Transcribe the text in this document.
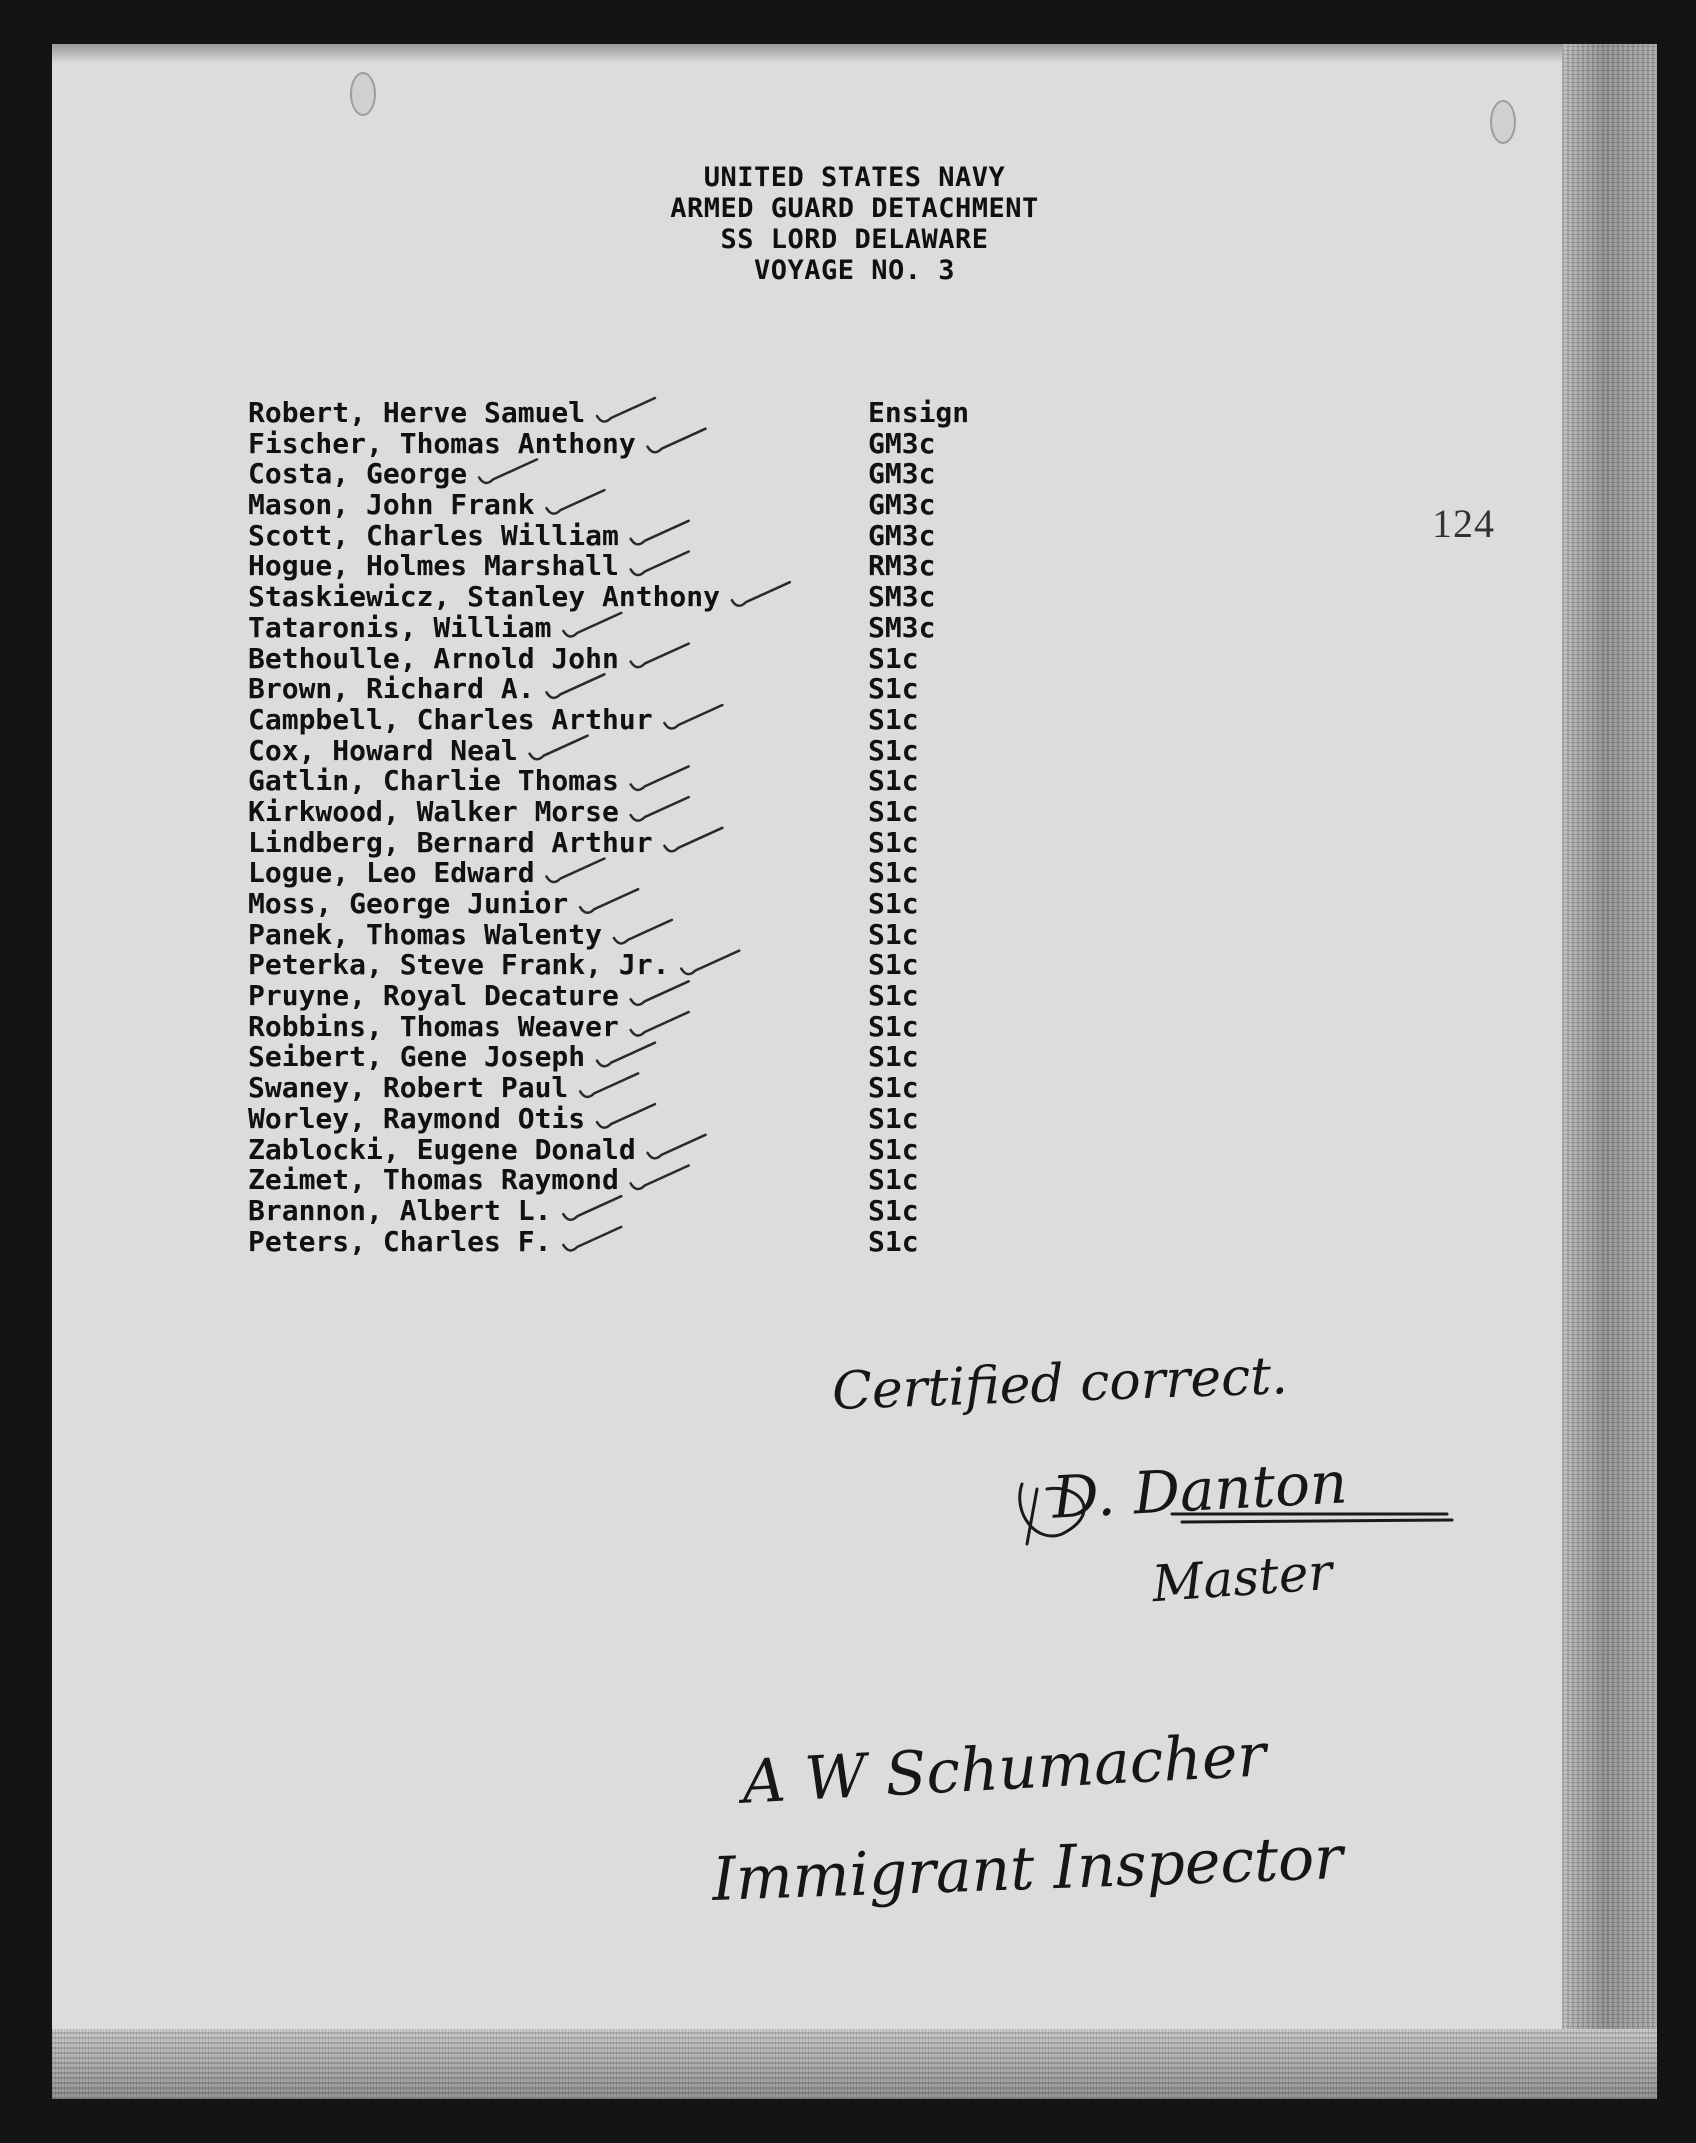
UNITED STATES NAVY
ARMED GUARD DETACHMENT
SS LORD DELAWARE
VOYAGE NO. 3
124
Robert, Herve Samuel	Ensign
Fischer, Thomas Anthony	GM3c
Costa, George	GM3c
Mason, John Frank	GM3c
Scott, Charles William	GM3c
Hogue, Holmes Marshall	RM3c
Staskiewicz, Stanley Anthony	SM3c
Tataronis, William	SM3c
Bethoulle, Arnold John	S1c
Brown, Richard A.	S1c
Campbell, Charles Arthur	S1c
Cox, Howard Neal	S1c
Gatlin, Charlie Thomas	S1c
Kirkwood, Walker Morse	S1c
Lindberg, Bernard Arthur	S1c
Logue, Leo Edward	S1c
Moss, George Junior	S1c
Panek, Thomas Walenty	S1c
Peterka, Steve Frank, Jr.	S1c
Pruyne, Royal Decature	S1c
Robbins, Thomas Weaver	S1c
Seibert, Gene Joseph	S1c
Swaney, Robert Paul	S1c
Worley, Raymond Otis	S1c
Zablocki, Eugene Donald	S1c
Zeimet, Thomas Raymond	S1c
Brannon, Albert L.	S1c
Peters, Charles F.	S1c
Certified correct.
D. Danton
Master
A W Schumacher
Immigrant Inspector
